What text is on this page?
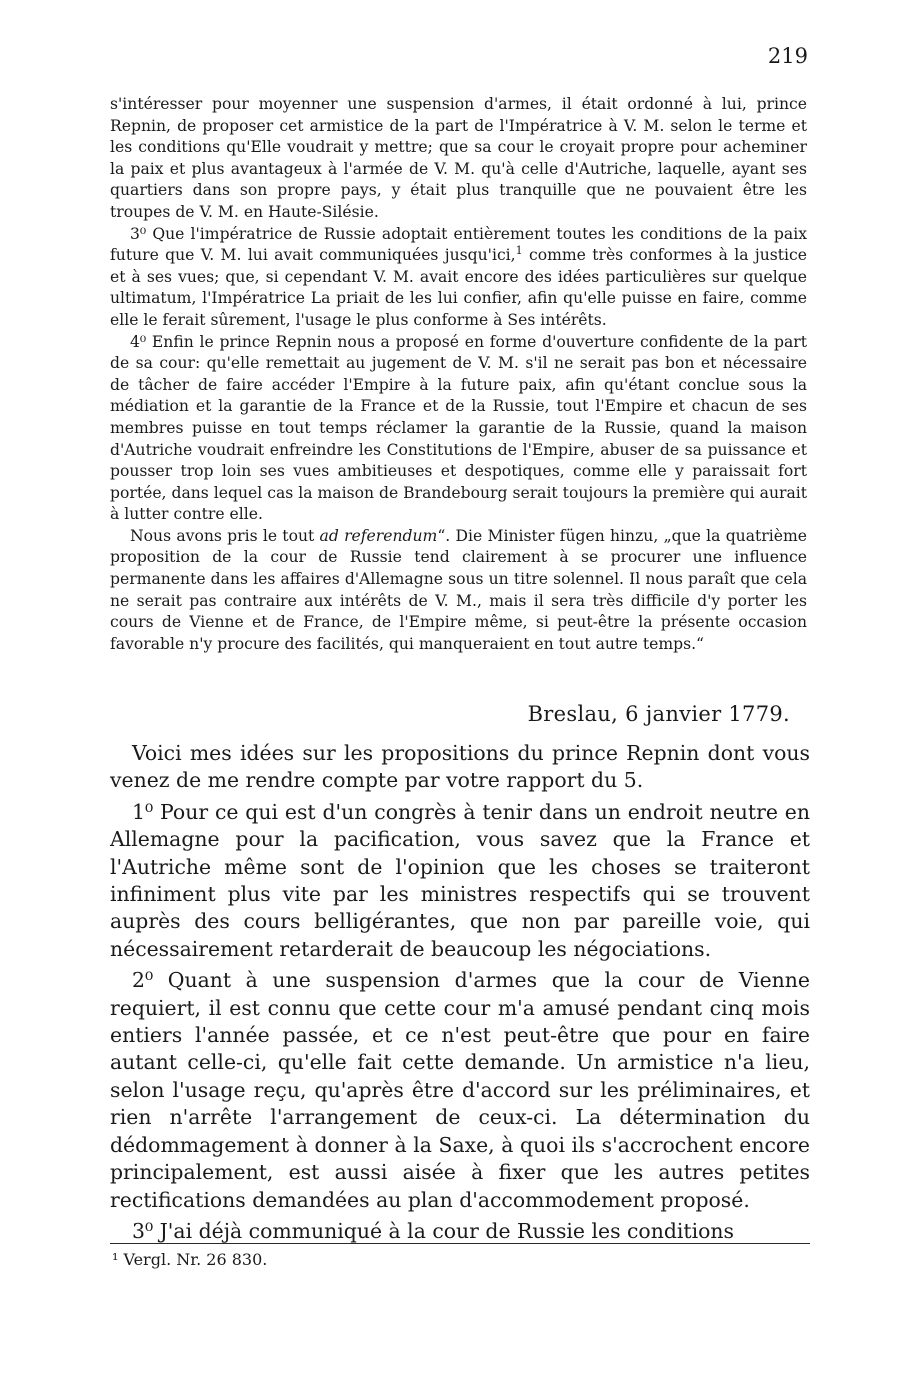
219

s'intéresser pour moyenner une suspension d'armes, il était ordonné à lui, prince Repnin, de proposer cet armistice de la part de l'Impératrice à V. M. selon le terme et les conditions qu'Elle voudrait y mettre; que sa cour le croyait propre pour acheminer la paix et plus avantageux à l'armée de V. M. qu'à celle d'Autriche, laquelle, ayant ses quartiers dans son propre pays, y était plus tranquille que ne pouvaient être les troupes de V. M. en Haute-Silésie.

3⁰ Que l'impératrice de Russie adoptait entièrement toutes les conditions de la paix future que V. M. lui avait communiquées jusqu'ici,$^1$ comme très conformes à la justice et à ses vues; que, si cependant V. M. avait encore des idées particulières sur quelque ultimatum, l'Impératrice La priait de les lui confier, afin qu'elle puisse en faire, comme elle le ferait sûrement, l'usage le plus conforme à Ses intérêts.

4⁰ Enfin le prince Repnin nous a proposé en forme d'ouverture confidente de la part de sa cour: qu'elle remettait au jugement de V. M. s'il ne serait pas bon et nécessaire de tâcher de faire accéder l'Empire à la future paix, afin qu'étant conclue sous la médiation et la garantie de la France et de la Russie, tout l'Empire et chacun de ses membres puisse en tout temps réclamer la garantie de la Russie, quand la maison d'Autriche voudrait enfreindre les Constitutions de l'Empire, abuser de sa puissance et pousser trop loin ses vues ambitieuses et despotiques, comme elle y paraissait fort portée, dans lequel cas la maison de Brandebourg serait toujours la première qui aurait à lutter contre elle.

Nous avons pris le tout ad referendum“. Die Minister fügen hinzu, „que la quatrième proposition de la cour de Russie tend clairement à se procurer une influence permanente dans les affaires d'Allemagne sous un titre solennel. Il nous paraît que cela ne serait pas contraire aux intérêts de V. M., mais il sera très difficile d'y porter les cours de Vienne et de France, de l'Empire même, si peut-être la présente occasion favorable n'y procure des facilités, qui manqueraient en tout autre temps.“

Breslau, 6 janvier 1779.

Voici mes idées sur les propositions du prince Repnin dont vous venez de me rendre compte par votre rapport du 5.

1⁰ Pour ce qui est d'un congrès à tenir dans un endroit neutre en Allemagne pour la pacification, vous savez que la France et l'Autriche même sont de l'opinion que les choses se traiteront infiniment plus vite par les ministres respectifs qui se trouvent auprès des cours belligérantes, que non par pareille voie, qui nécessairement retarderait de beaucoup les négociations.

2⁰ Quant à une suspension d'armes que la cour de Vienne requiert, il est connu que cette cour m'a amusé pendant cinq mois entiers l'année passée, et ce n'est peut-être que pour en faire autant celle-ci, qu'elle fait cette demande. Un armistice n'a lieu, selon l'usage reçu, qu'après être d'accord sur les préliminaires, et rien n'arrête l'arrangement de ceux-ci. La détermination du dédommagement à donner à la Saxe, à quoi ils s'accrochent encore principalement, est aussi aisée à fixer que les autres petites rectifications demandées au plan d'accommodement proposé.

3⁰ J'ai déjà communiqué à la cour de Russie les conditions

¹ Vergl. Nr. 26 830.
